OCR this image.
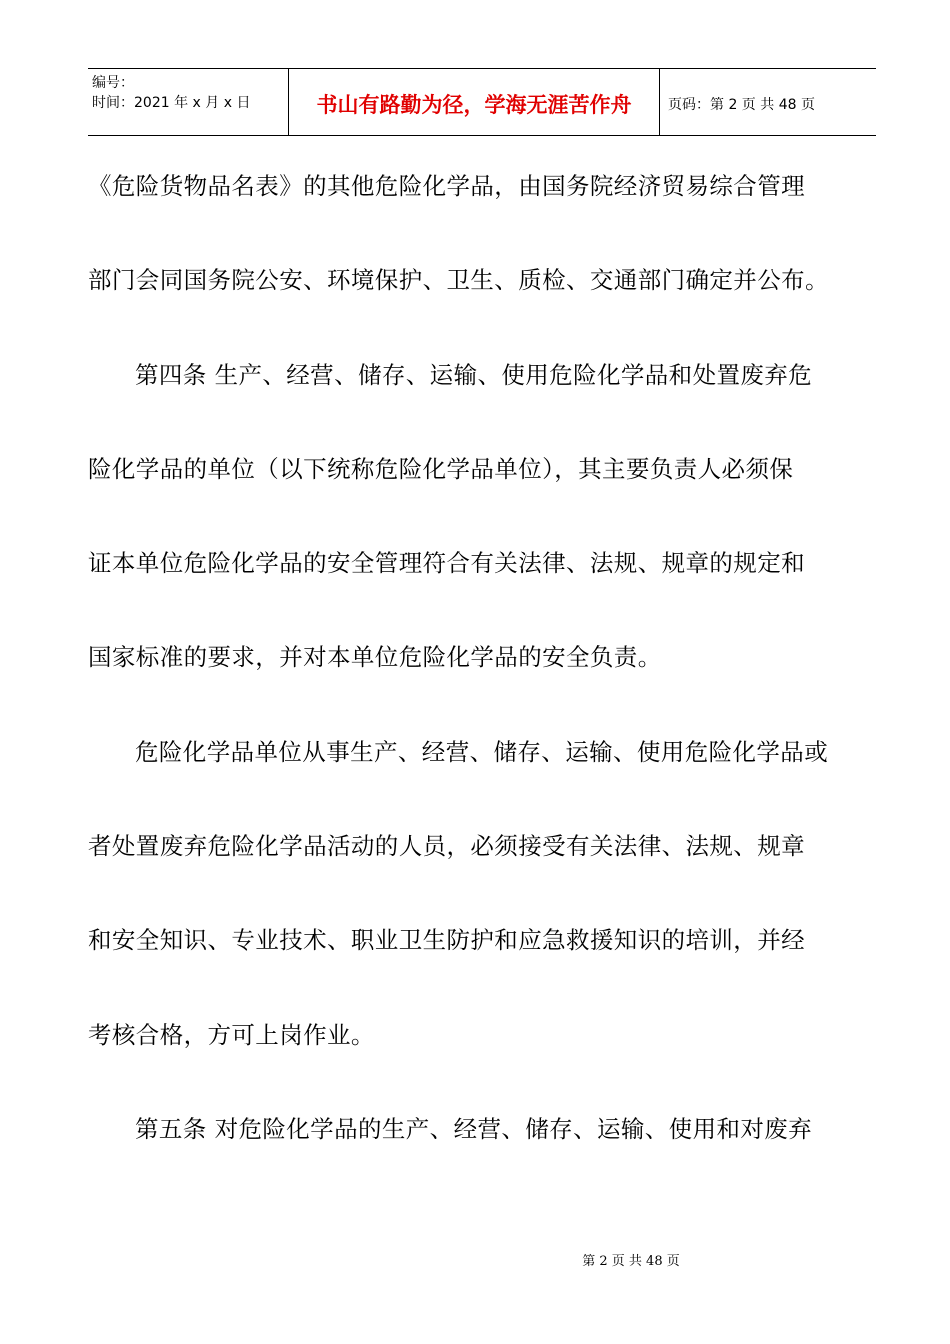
编号：
时间：2021 年 x 月 x 日	书山有路勤为径，学海无涯苦作舟	页码：第 2 页 共 48 页
《危险货物品名表》的其他危险化学品，由国务院经济贸易综合管理
部门会同国务院公安、环境保护、卫生、质检、交通部门确定并公布。
第四条 生产、经营、储存、运输、使用危险化学品和处置废弃危
险化学品的单位（以下统称危险化学品单位），其主要负责人必须保
证本单位危险化学品的安全管理符合有关法律、法规、规章的规定和
国家标准的要求，并对本单位危险化学品的安全负责。
危险化学品单位从事生产、经营、储存、运输、使用危险化学品或
者处置废弃危险化学品活动的人员，必须接受有关法律、法规、规章
和安全知识、专业技术、职业卫生防护和应急救援知识的培训，并经
考核合格，方可上岗作业。
第五条 对危险化学品的生产、经营、储存、运输、使用和对废弃
第 2 页 共 48 页
